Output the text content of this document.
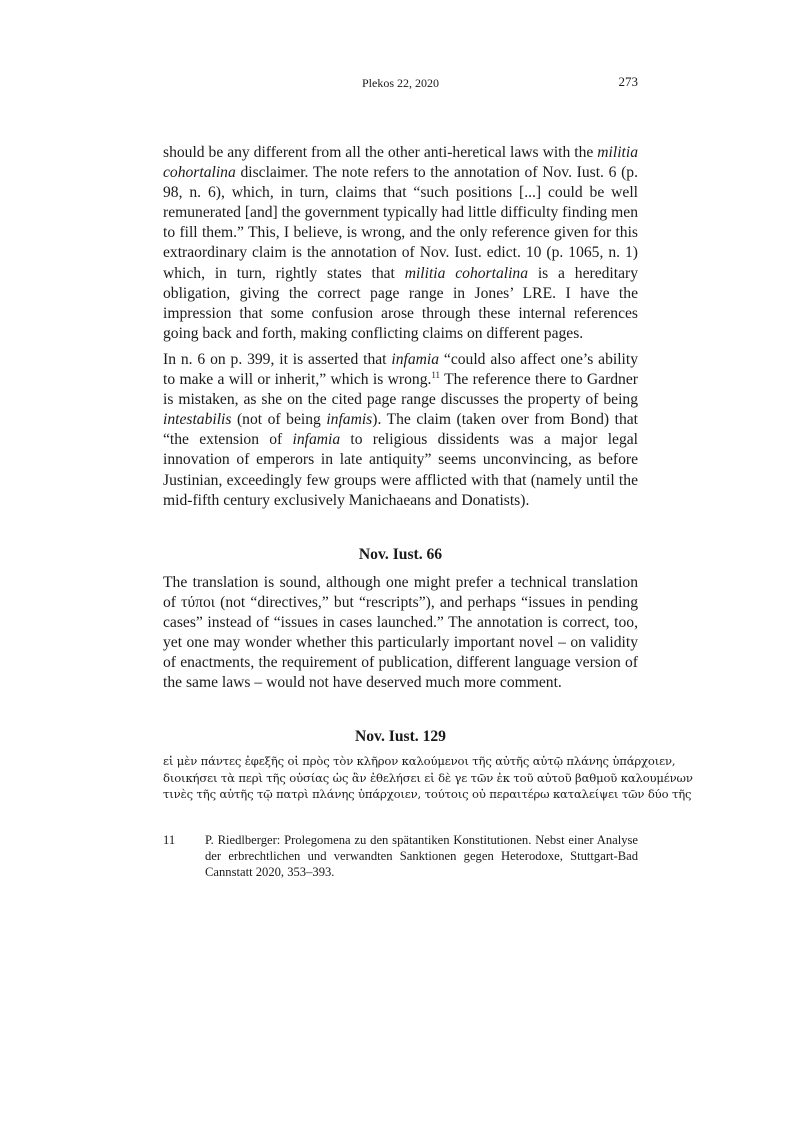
Plekos 22, 2020	273

should be any different from all the other anti-heretical laws with the militia cohortalina disclaimer. The note refers to the annotation of Nov. Iust. 6 (p. 98, n. 6), which, in turn, claims that “such positions [...] could be well remunerated [and] the government typically had little difficulty finding men to fill them.” This, I believe, is wrong, and the only reference given for this extraordinary claim is the annotation of Nov. Iust. edict. 10 (p. 1065, n. 1) which, in turn, rightly states that militia cohortalina is a hereditary obligation, giving the correct page range in Jones’ LRE. I have the impression that some confusion arose through these internal references going back and forth, making conflicting claims on different pages.

In n. 6 on p. 399, it is asserted that infamia “could also affect one’s ability to make a will or inherit,” which is wrong.$^{11}$ The reference there to Gardner is mistaken, as she on the cited page range discusses the property of being intestabilis (not of being infamis). The claim (taken over from Bond) that “the extension of infamia to religious dissidents was a major legal innovation of emperors in late antiquity” seems unconvincing, as before Justinian, exceedingly few groups were afflicted with that (namely until the mid-fifth century exclusively Manichaeans and Donatists).

Nov. Iust. 66

The translation is sound, although one might prefer a technical translation of τύποι (not “directives,” but “rescripts”), and perhaps “issues in pending cases” instead of “issues in cases launched.” The annotation is correct, too, yet one may wonder whether this particularly important novel – on validity of enactments, the requirement of publication, different language version of the same laws – would not have deserved much more comment.

Nov. Iust. 129
εἰ μὲν πάντες ἐφεξῆς οἱ πρὸς τὸν κλῆρον καλούμενοι τῆς αὐτῆς αὐτῷ πλάνης ὑπάρχοιεν,
διοικήσει τὰ περὶ τῆς οὐσίας ὡς ἂν ἐθελήσει εἰ δὲ γε τῶν ἐκ τοῦ αὐτοῦ βαθμοῦ καλουμένων
τινὲς τῆς αὐτῆς τῷ πατρὶ πλάνης ὑπάρχοιεν, τούτοις οὐ περαιτέρω καταλείψει τῶν δύο τῆς
11 P. Riedlberger: Prolegomena zu den spätantiken Konstitutionen. Nebst einer Analyse der erbrechtlichen und verwandten Sanktionen gegen Heterodoxe, Stuttgart-Bad Cannstatt 2020, 353–393.
